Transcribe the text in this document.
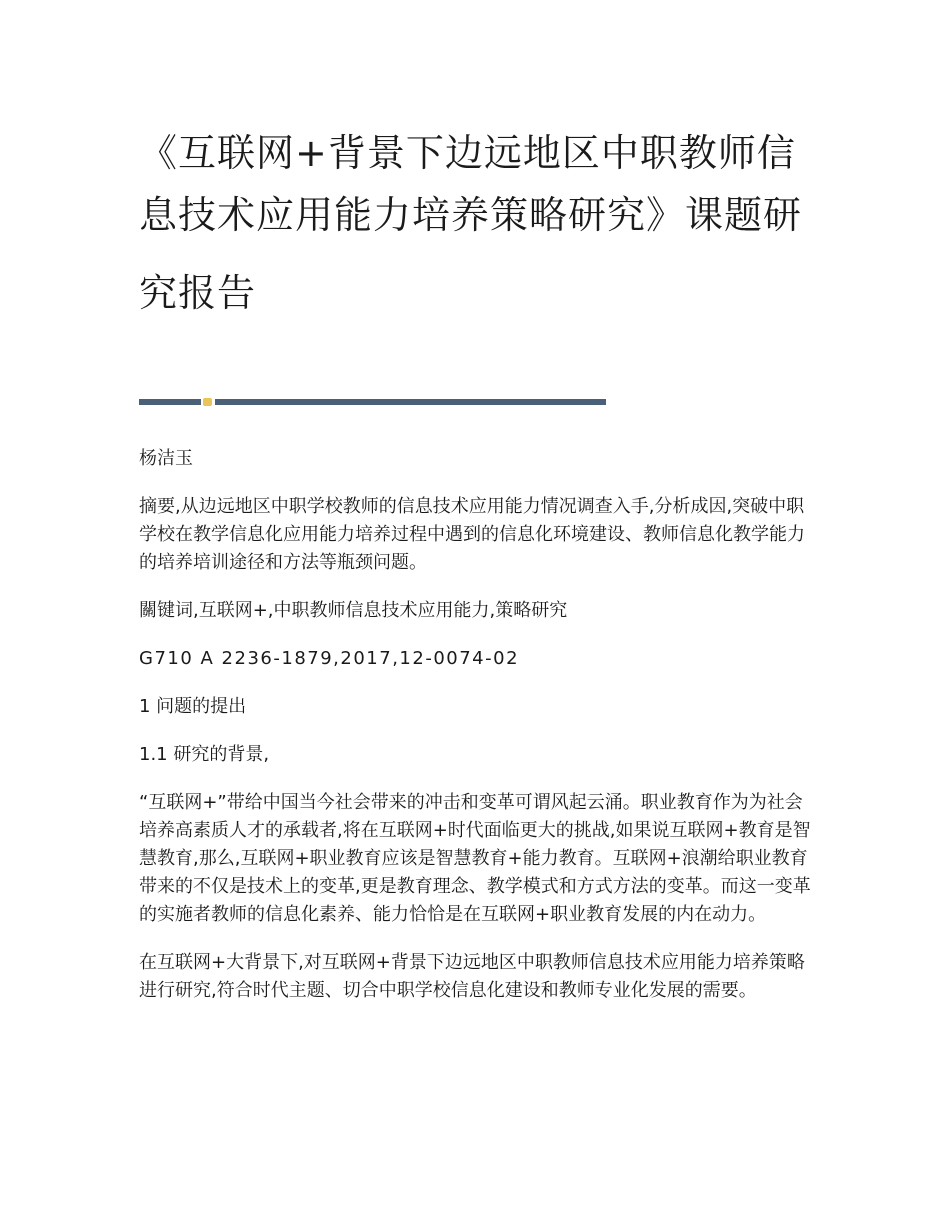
《互联网+背景下边远地区中职教师信息技术应用能力培养策略研究》课题研
究报告

杨洁玉

摘要,从边远地区中职学校教师的信息技术应用能力情况调查入手,分析成因,突破中职学校在教学信息化应用能力培养过程中遇到的信息化环境建设、教师信息化教学能力的培养培训途径和方法等瓶颈问题。

關键词,互联网+,中职教师信息技术应用能力,策略研究

G710 A 2236-1879,2017,12-0074-02

1 问题的提出

1.1 研究的背景,

“互联网+”带给中国当今社会带来的冲击和变革可谓风起云涌。职业教育作为为社会培养高素质人才的承载者,将在互联网+时代面临更大的挑战,如果说互联网+教育是智慧教育,那么,互联网+职业教育应该是智慧教育+能力教育。互联网+浪潮给职业教育带来的不仅是技术上的变革,更是教育理念、教学模式和方式方法的变革。而这一变革的实施者教师的信息化素养、能力恰恰是在互联网+职业教育发展的内在动力。

在互联网+大背景下,对互联网+背景下边远地区中职教师信息技术应用能力培养策略进行研究,符合时代主题、切合中职学校信息化建设和教师专业化发展的需要。
